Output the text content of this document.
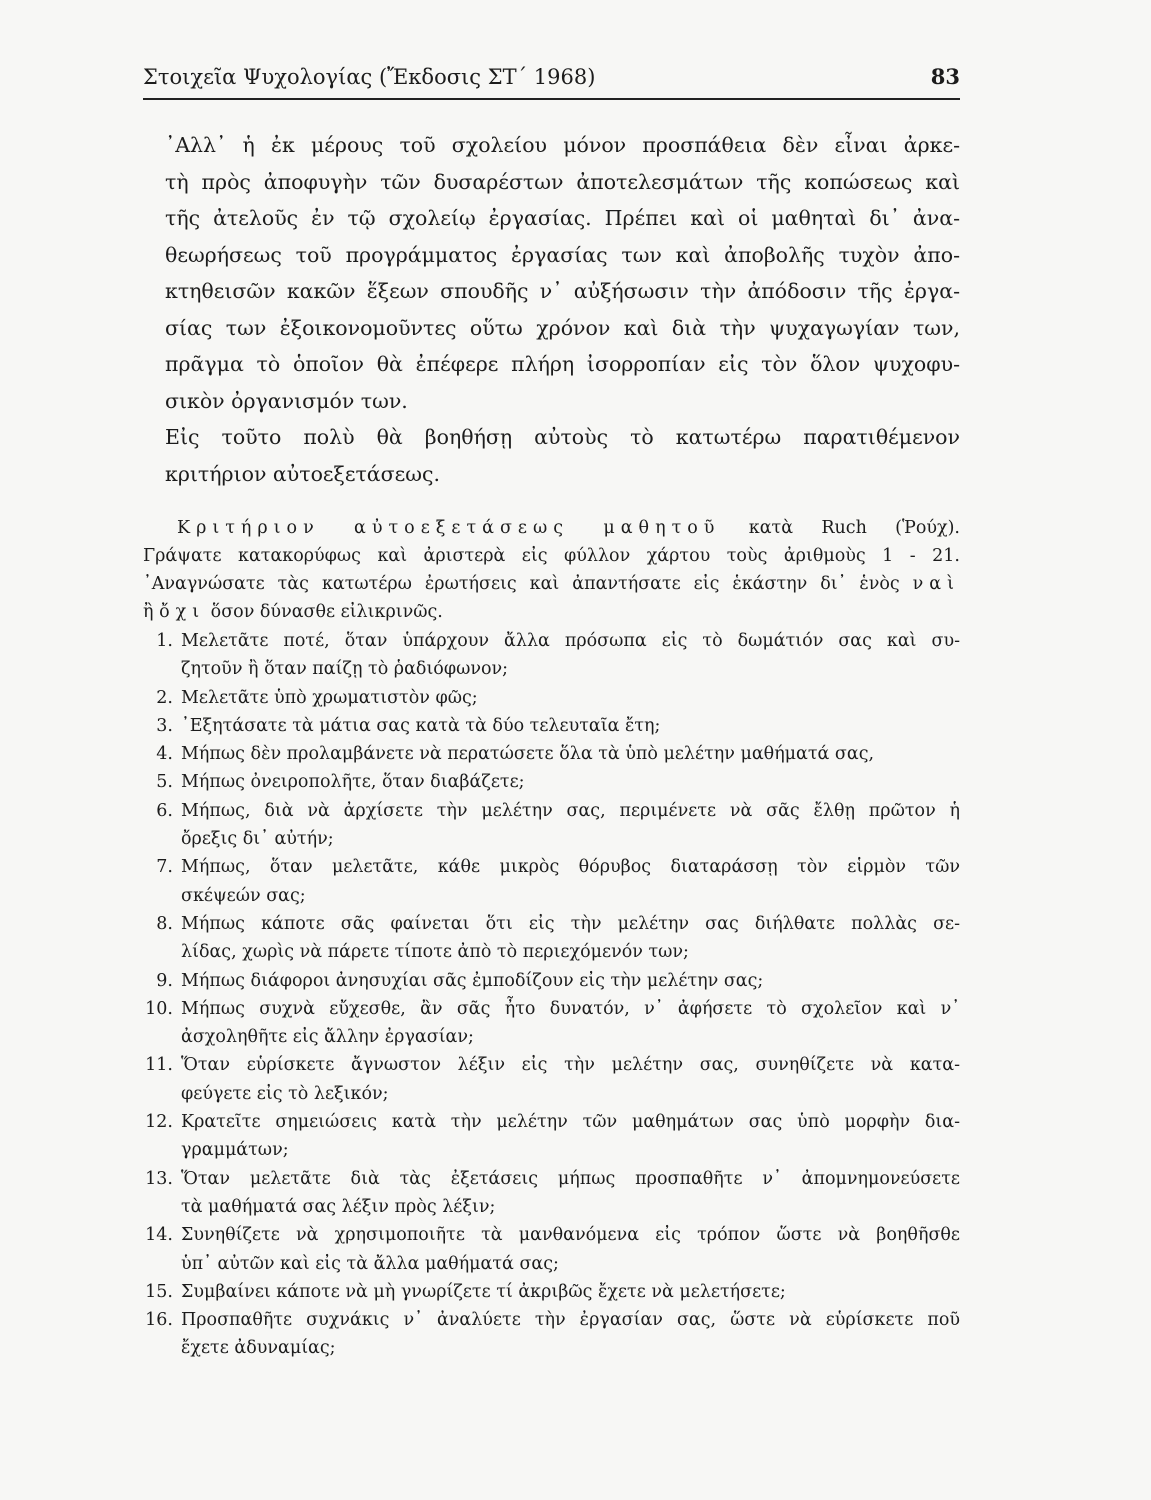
Στοιχεῖα Ψυχολογίας (Ἔκδοσις ΣΤ΄ 1968)	83

᾿Αλλ᾿ ἡ ἐκ μέρους τοῦ σχολείου μόνον προσπάθεια δὲν εἶναι ἀρκε-
τὴ πρὸς ἀποφυγὴν τῶν δυσαρέστων ἀποτελεσμάτων τῆς κοπώσεως καὶ
τῆς ἀτελοῦς ἐν τῷ σχολείῳ ἐργασίας. Πρέπει καὶ οἱ μαθηταὶ δι᾿ ἀνα-
θεωρήσεως τοῦ προγράμματος ἐργασίας των καὶ ἀποβολῆς τυχὸν ἀπο-
κτηθεισῶν κακῶν ἕξεων σπουδῆς ν᾿ αὐξήσωσιν τὴν ἀπόδοσιν τῆς ἐργα-
σίας των ἐξοικονομοῦντες οὕτω χρόνον καὶ διὰ τὴν ψυχαγωγίαν των,
πρᾶγμα τὸ ὁποῖον θὰ ἐπέφερε πλήρη ἰσορροπίαν εἰς τὸν ὅλον ψυχοφυ-
σικὸν ὀργανισμόν των.

Εἰς τοῦτο πολὺ θὰ βοηθήσῃ αὐτοὺς τὸ κατωτέρω παρατιθέμενον
κριτήριον αὐτοεξετάσεως.

Κριτήριον αὐτοεξετάσεως μαθητοῦ κατὰ Ruch (Ῥούχ).
Γράψατε κατακορύφως καὶ ἀριστερὰ εἰς φύλλον χάρτου τοὺς ἀριθμοὺς 1 - 21.
᾿Αναγνώσατε τὰς κατωτέρω ἐρωτήσεις καὶ ἀπαντήσατε εἰς ἑκάστην δι᾿ ἑνὸς ναὶ
ἢ ὄχι ὅσον δύνασθε εἰλικρινῶς.
1. Μελετᾶτε ποτέ, ὅταν ὑπάρχουν ἄλλα πρόσωπα εἰς τὸ δωμάτιόν σας καὶ συ-
ζητοῦν ἢ ὅταν παίζῃ τὸ ῥαδιόφωνον;
2. Μελετᾶτε ὑπὸ χρωματιστὸν φῶς;
3. ᾿Εξητάσατε τὰ μάτια σας κατὰ τὰ δύο τελευταῖα ἔτη;
4. Μήπως δὲν προλαμβάνετε νὰ περατώσετε ὅλα τὰ ὑπὸ μελέτην μαθήματά σας,
5. Μήπως ὀνειροπολῆτε, ὅταν διαβάζετε;
6. Μήπως, διὰ νὰ ἀρχίσετε τὴν μελέτην σας, περιμένετε νὰ σᾶς ἔλθῃ πρῶτον ἡ
ὄρεξις δι᾿ αὐτήν;
7. Μήπως, ὅταν μελετᾶτε, κάθε μικρὸς θόρυβος διαταράσσῃ τὸν εἱρμὸν τῶν
σκέψεών σας;
8. Μήπως κάποτε σᾶς φαίνεται ὅτι εἰς τὴν μελέτην σας διήλθατε πολλὰς σε-
λίδας, χωρὶς νὰ πάρετε τίποτε ἀπὸ τὸ περιεχόμενόν των;
9. Μήπως διάφοροι ἀνησυχίαι σᾶς ἐμποδίζουν εἰς τὴν μελέτην σας;
10. Μήπως συχνὰ εὔχεσθε, ἂν σᾶς ἦτο δυνατόν, ν᾿ ἀφήσετε τὸ σχολεῖον καὶ ν᾿
ἀσχοληθῆτε εἰς ἄλλην ἐργασίαν;
11. Ὅταν εὑρίσκετε ἄγνωστον λέξιν εἰς τὴν μελέτην σας, συνηθίζετε νὰ κατα-
φεύγετε εἰς τὸ λεξικόν;
12. Κρατεῖτε σημειώσεις κατὰ τὴν μελέτην τῶν μαθημάτων σας ὑπὸ μορφὴν δια-
γραμμάτων;
13. Ὅταν μελετᾶτε διὰ τὰς ἐξετάσεις μήπως προσπαθῆτε ν᾿ ἀπομνημονεύσετε
τὰ μαθήματά σας λέξιν πρὸς λέξιν;
14. Συνηθίζετε νὰ χρησιμοποιῆτε τὰ μανθανόμενα εἰς τρόπον ὥστε νὰ βοηθῆσθε
ὑπ᾿ αὐτῶν καὶ εἰς τὰ ἄλλα μαθήματά σας;
15. Συμβαίνει κάποτε νὰ μὴ γνωρίζετε τί ἀκριβῶς ἔχετε νὰ μελετήσετε;
16. Προσπαθῆτε συχνάκις ν᾿ ἀναλύετε τὴν ἐργασίαν σας, ὥστε νὰ εὑρίσκετε ποῦ
ἔχετε ἀδυναμίας;
